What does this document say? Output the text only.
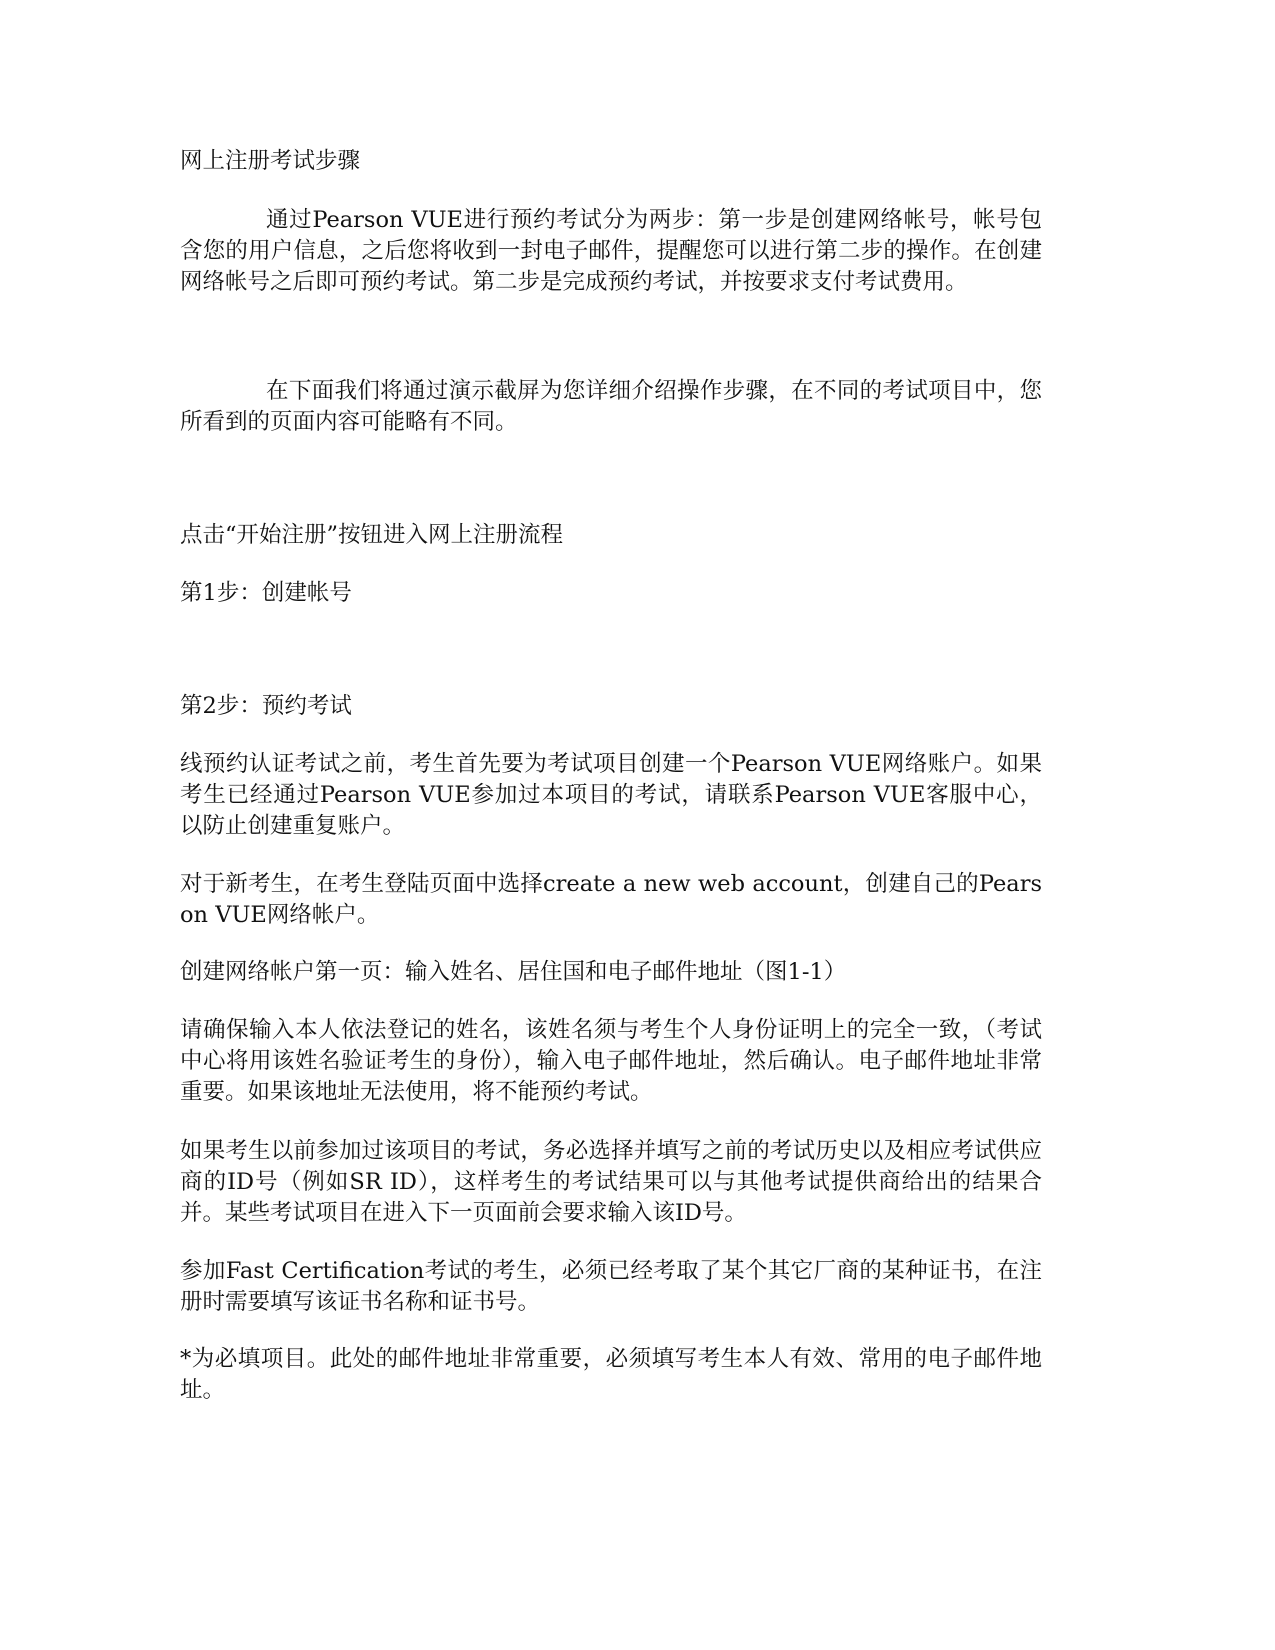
网上注册考试步骤

通过Pearson VUE进行预约考试分为两步：第一步是创建网络帐号，帐号包含您的用户信息，之后您将收到一封电子邮件，提醒您可以进行第二步的操作。在创建网络帐号之后即可预约考试。第二步是完成预约考试，并按要求支付考试费用。

在下面我们将通过演示截屏为您详细介绍操作步骤，在不同的考试项目中，您所看到的页面内容可能略有不同。

点击“开始注册”按钮进入网上注册流程

第1步：创建帐号

第2步：预约考试

线预约认证考试之前，考生首先要为考试项目创建一个Pearson VUE网络账户。如果考生已经通过Pearson VUE参加过本项目的考试，请联系Pearson VUE客服中心，以防止创建重复账户。

对于新考生，在考生登陆页面中选择create a new web account，创建自己的Pearson VUE网络帐户。

创建网络帐户第一页：输入姓名、居住国和电子邮件地址（图1-1）

请确保输入本人依法登记的姓名，该姓名须与考生个人身份证明上的完全一致，（考试中心将用该姓名验证考生的身份），输入电子邮件地址，然后确认。电子邮件地址非常重要。如果该地址无法使用，将不能预约考试。

如果考生以前参加过该项目的考试，务必选择并填写之前的考试历史以及相应考试供应商的ID号（例如SR ID），这样考生的考试结果可以与其他考试提供商给出的结果合并。某些考试项目在进入下一页面前会要求输入该ID号。

参加Fast Certification考试的考生，必须已经考取了某个其它厂商的某种证书，在注册时需要填写该证书名称和证书号。

*为必填项目。此处的邮件地址非常重要，必须填写考生本人有效、常用的电子邮件地址。
